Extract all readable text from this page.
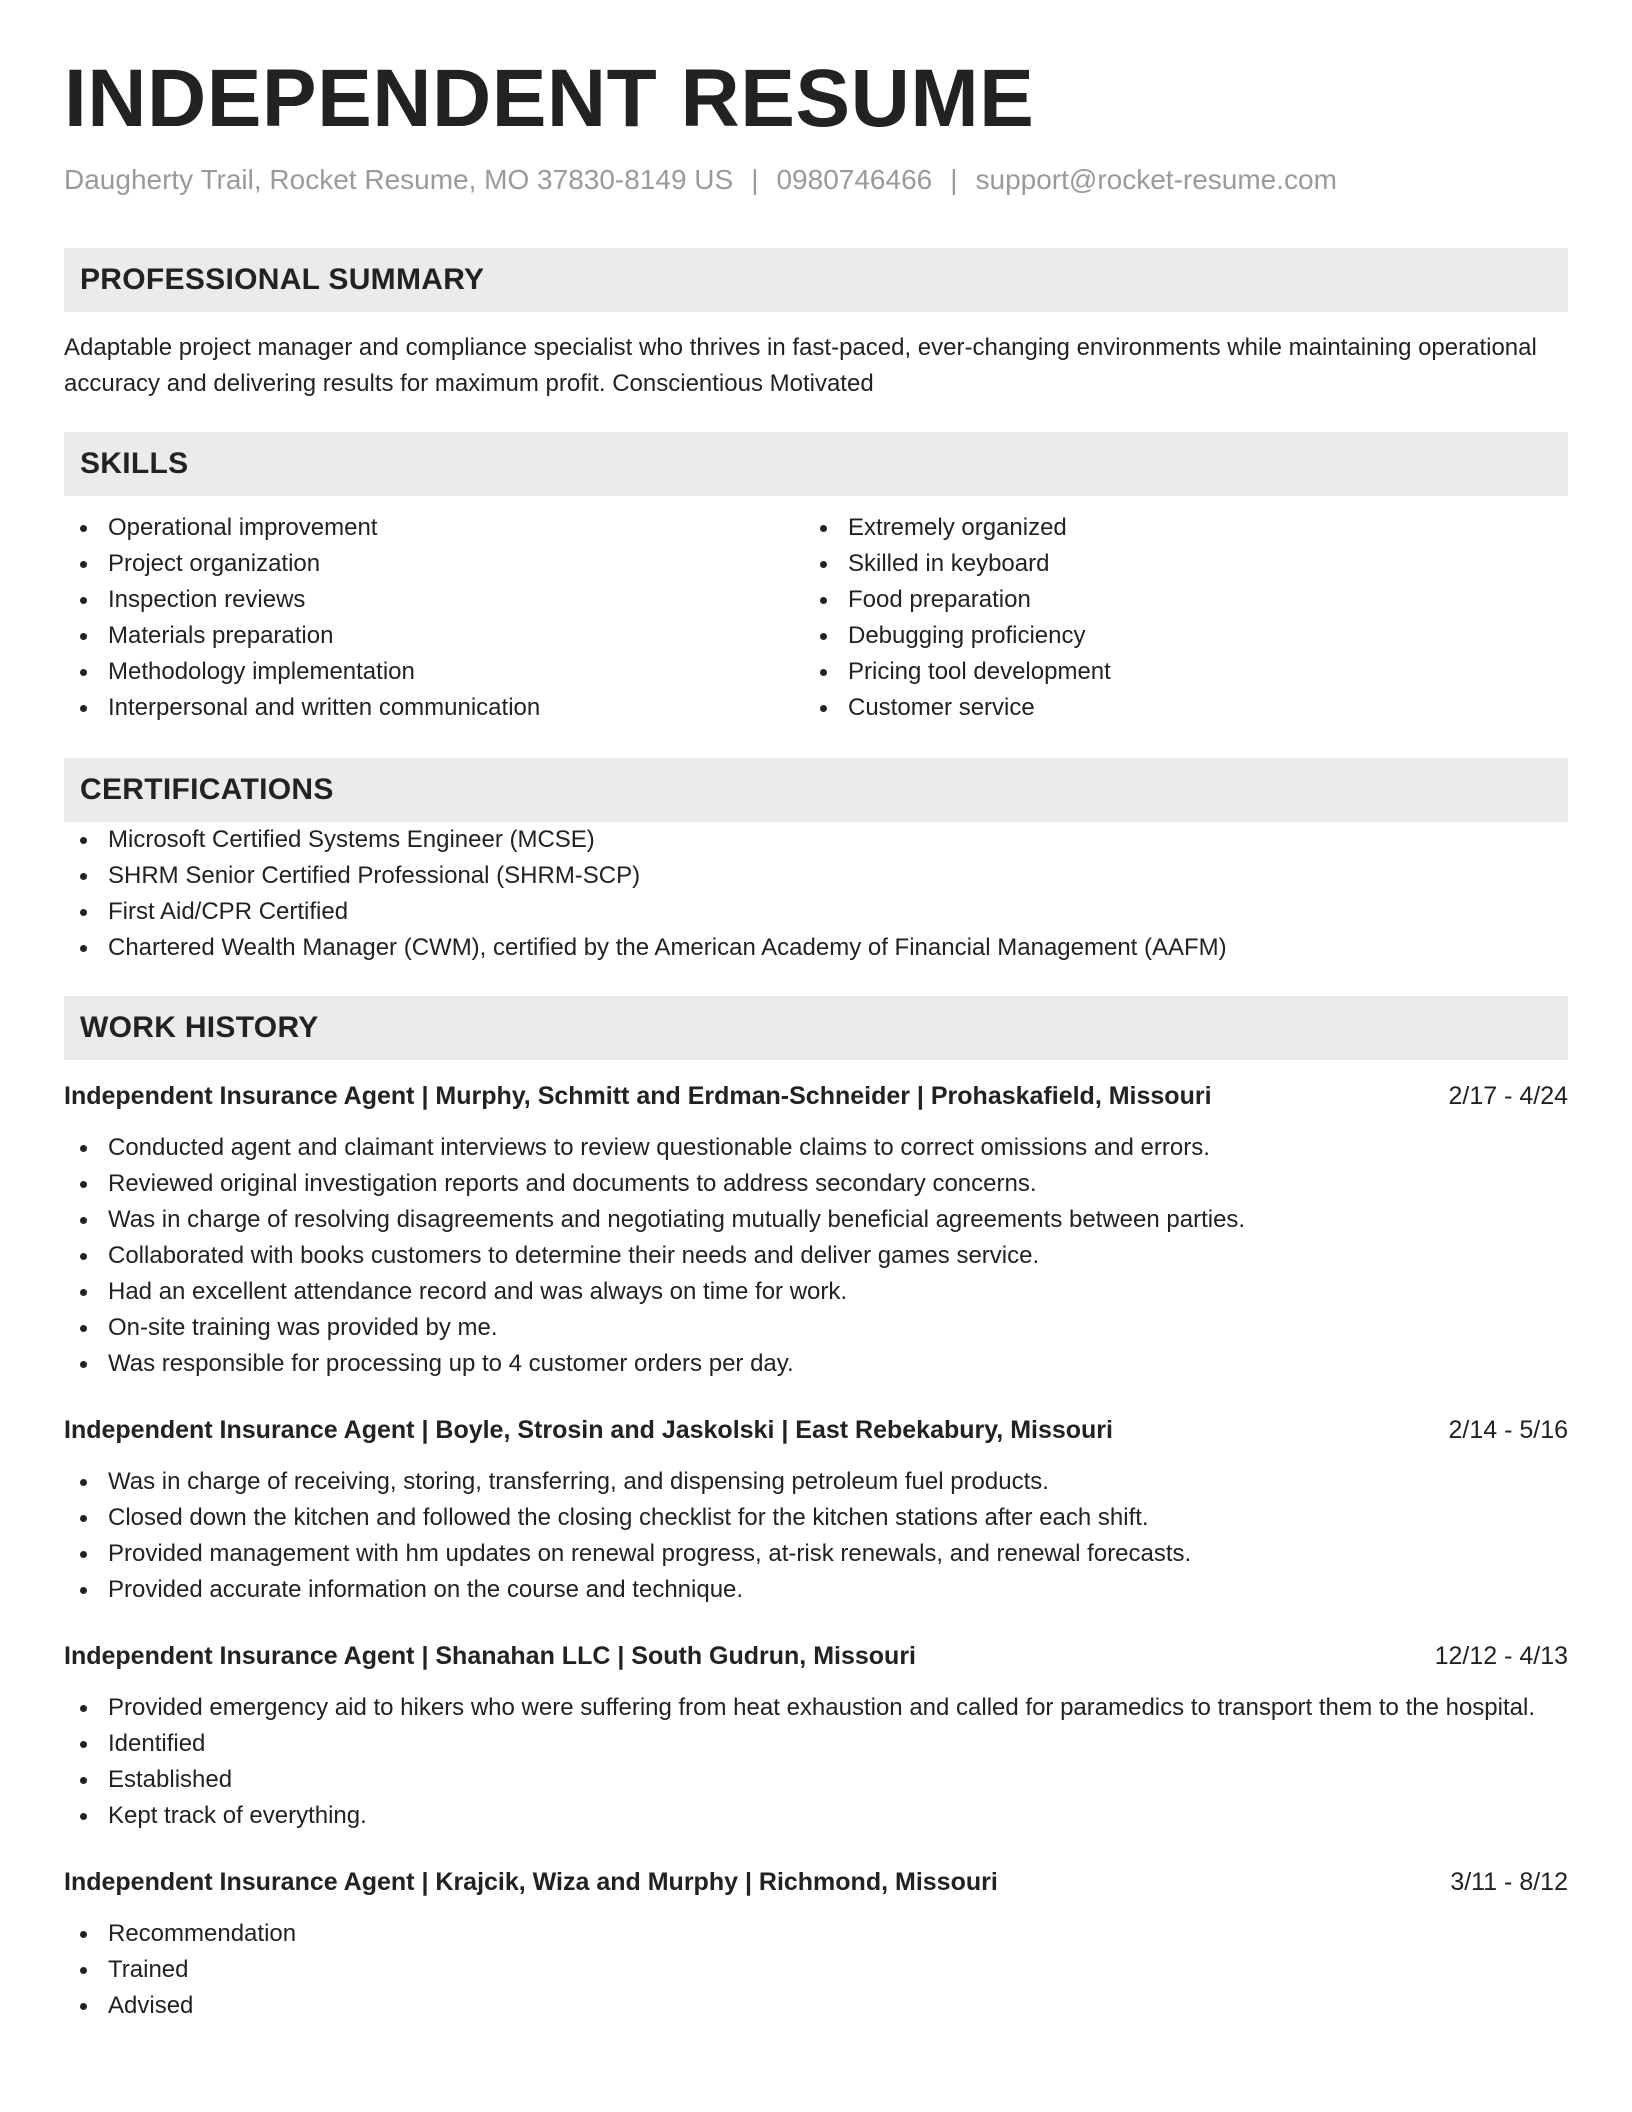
INDEPENDENT RESUME
Daugherty Trail, Rocket Resume, MO 37830-8149 US | 0980746466 | support@rocket-resume.com
PROFESSIONAL SUMMARY

Adaptable project manager and compliance specialist who thrives in fast-paced, ever-changing environments while maintaining operational accuracy and delivering results for maximum profit. Conscientious Motivated

SKILLS
Operational improvement
Project organization
Inspection reviews
Materials preparation
Methodology implementation
Interpersonal and written communication
Extremely organized
Skilled in keyboard
Food preparation
Debugging proficiency
Pricing tool development
Customer service
CERTIFICATIONS
Microsoft Certified Systems Engineer (MCSE)
SHRM Senior Certified Professional (SHRM-SCP)
First Aid/CPR Certified
Chartered Wealth Manager (CWM), certified by the American Academy of Financial Management (AAFM)
WORK HISTORY
Independent Insurance Agent | Murphy, Schmitt and Erdman-Schneider | Prohaskafield, Missouri	2/17 - 4/24
Conducted agent and claimant interviews to review questionable claims to correct omissions and errors.
Reviewed original investigation reports and documents to address secondary concerns.
Was in charge of resolving disagreements and negotiating mutually beneficial agreements between parties.
Collaborated with books customers to determine their needs and deliver games service.
Had an excellent attendance record and was always on time for work.
On-site training was provided by me.
Was responsible for processing up to 4 customer orders per day.
Independent Insurance Agent | Boyle, Strosin and Jaskolski | East Rebekabury, Missouri	2/14 - 5/16
Was in charge of receiving, storing, transferring, and dispensing petroleum fuel products.
Closed down the kitchen and followed the closing checklist for the kitchen stations after each shift.
Provided management with hm updates on renewal progress, at-risk renewals, and renewal forecasts.
Provided accurate information on the course and technique.
Independent Insurance Agent | Shanahan LLC | South Gudrun, Missouri	12/12 - 4/13
Provided emergency aid to hikers who were suffering from heat exhaustion and called for paramedics to transport them to the hospital.
Identified
Established
Kept track of everything.
Independent Insurance Agent | Krajcik, Wiza and Murphy | Richmond, Missouri	3/11 - 8/12
Recommendation
Trained
Advised
